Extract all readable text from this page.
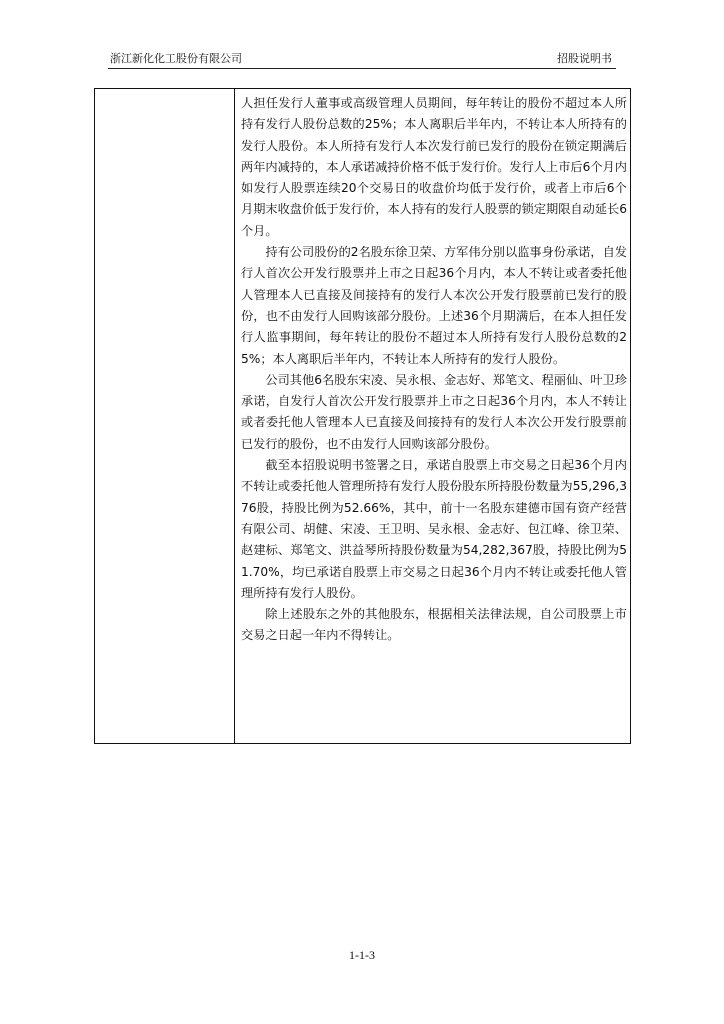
浙江新化化工股份有限公司	招股说明书

人担任发行人董事或高级管理人员期间，每年转让的股份不超过本人所持有发行人股份总数的25%；本人离职后半年内，不转让本人所持有的发行人股份。本人所持有发行人本次发行前已发行的股份在锁定期满后两年内减持的，本人承诺减持价格不低于发行价。发行人上市后6个月内如发行人股票连续20个交易日的收盘价均低于发行价，或者上市后6个月期末收盘价低于发行价，本人持有的发行人股票的锁定期限自动延长6个月。

持有公司股份的2名股东徐卫荣、方军伟分别以监事身份承诺，自发行人首次公开发行股票并上市之日起36个月内，本人不转让或者委托他人管理本人已直接及间接持有的发行人本次公开发行股票前已发行的股份，也不由发行人回购该部分股份。上述36个月期满后，在本人担任发行人监事期间，每年转让的股份不超过本人所持有发行人股份总数的25%；本人离职后半年内，不转让本人所持有的发行人股份。

公司其他6名股东宋凌、吴永根、金志好、郑笔文、程丽仙、叶卫珍承诺，自发行人首次公开发行股票并上市之日起36个月内，本人不转让或者委托他人管理本人已直接及间接持有的发行人本次公开发行股票前已发行的股份，也不由发行人回购该部分股份。

截至本招股说明书签署之日，承诺自股票上市交易之日起36个月内不转让或委托他人管理所持有发行人股份股东所持股份数量为55,296,376股，持股比例为52.66%，其中，前十一名股东建德市国有资产经营有限公司、胡健、宋凌、王卫明、吴永根、金志好、包江峰、徐卫荣、赵建标、郑笔文、洪益琴所持股份数量为54,282,367股，持股比例为51.70%，均已承诺自股票上市交易之日起36个月内不转让或委托他人管理所持有发行人股份。

除上述股东之外的其他股东，根据相关法律法规，自公司股票上市交易之日起一年内不得转让。

1-1-3
